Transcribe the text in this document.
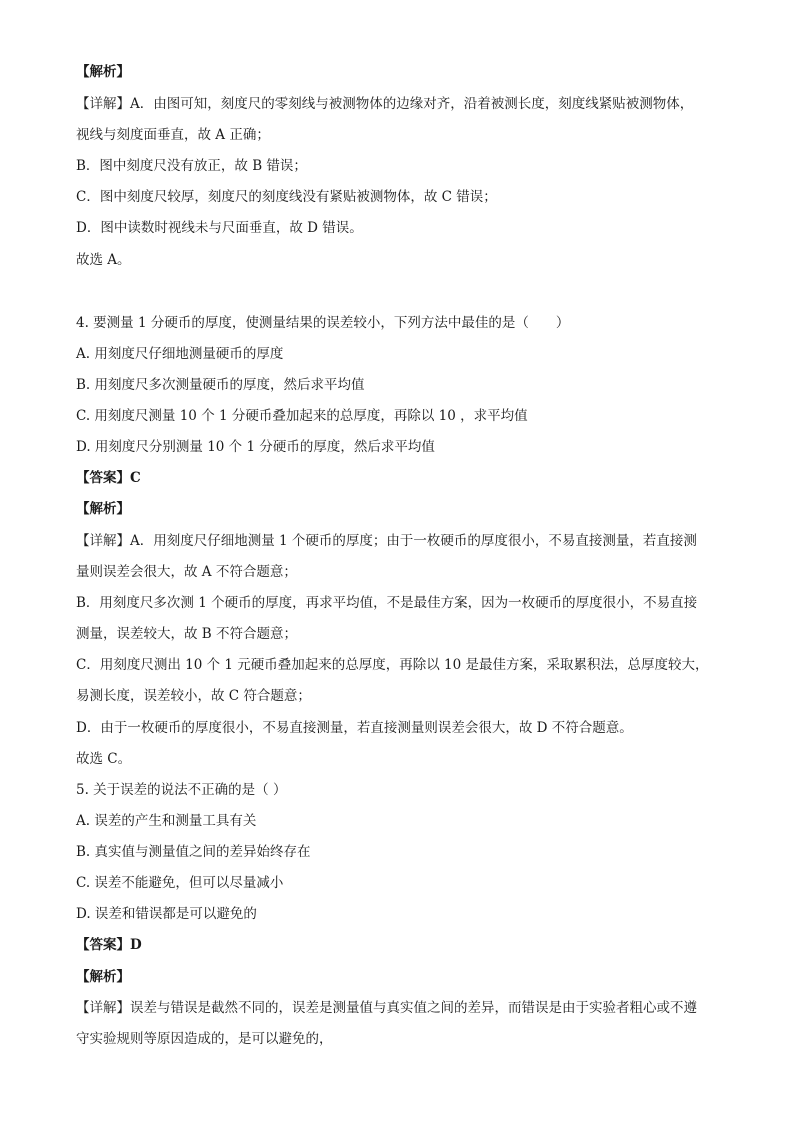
【解析】
【详解】A．由图可知，刻度尺的零刻线与被测物体的边缘对齐，沿着被测长度，刻度线紧贴被测物体，
视线与刻度面垂直，故 A 正确；
B．图中刻度尺没有放正，故 B 错误；
C．图中刻度尺较厚，刻度尺的刻度线没有紧贴被测物体，故 C 错误；
D．图中读数时视线未与尺面垂直，故 D 错误。
故选 A。
4. 要测量 1 分硬币的厚度，使测量结果的误差较小，下列方法中最佳的是（　　）
A. 用刻度尺仔细地测量硬币的厚度
B. 用刻度尺多次测量硬币的厚度，然后求平均值
C. 用刻度尺测量 10 个 1 分硬币叠加起来的总厚度，再除以 10 ，求平均值
D. 用刻度尺分别测量 10 个 1 分硬币的厚度，然后求平均值
【答案】C
【解析】
【详解】A．用刻度尺仔细地测量 1 个硬币的厚度；由于一枚硬币的厚度很小，不易直接测量，若直接测
量则误差会很大，故 A 不符合题意；
B．用刻度尺多次测 1 个硬币的厚度，再求平均值，不是最佳方案，因为一枚硬币的厚度很小，不易直接
测量，误差较大，故 B 不符合题意；
C．用刻度尺测出 10 个 1 元硬币叠加起来的总厚度，再除以 10 是最佳方案，采取累积法，总厚度较大，
易测长度，误差较小，故 C 符合题意；
D．由于一枚硬币的厚度很小，不易直接测量，若直接测量则误差会很大，故 D 不符合题意。
故选 C。
5. 关于误差的说法不正确的是（ ）
A. 误差的产生和测量工具有关
B. 真实值与测量值之间的差异始终存在
C. 误差不能避免，但可以尽量减小
D. 误差和错误都是可以避免的
【答案】D
【解析】
【详解】误差与错误是截然不同的，误差是测量值与真实值之间的差异，而错误是由于实验者粗心或不遵
守实验规则等原因造成的，是可以避免的，
